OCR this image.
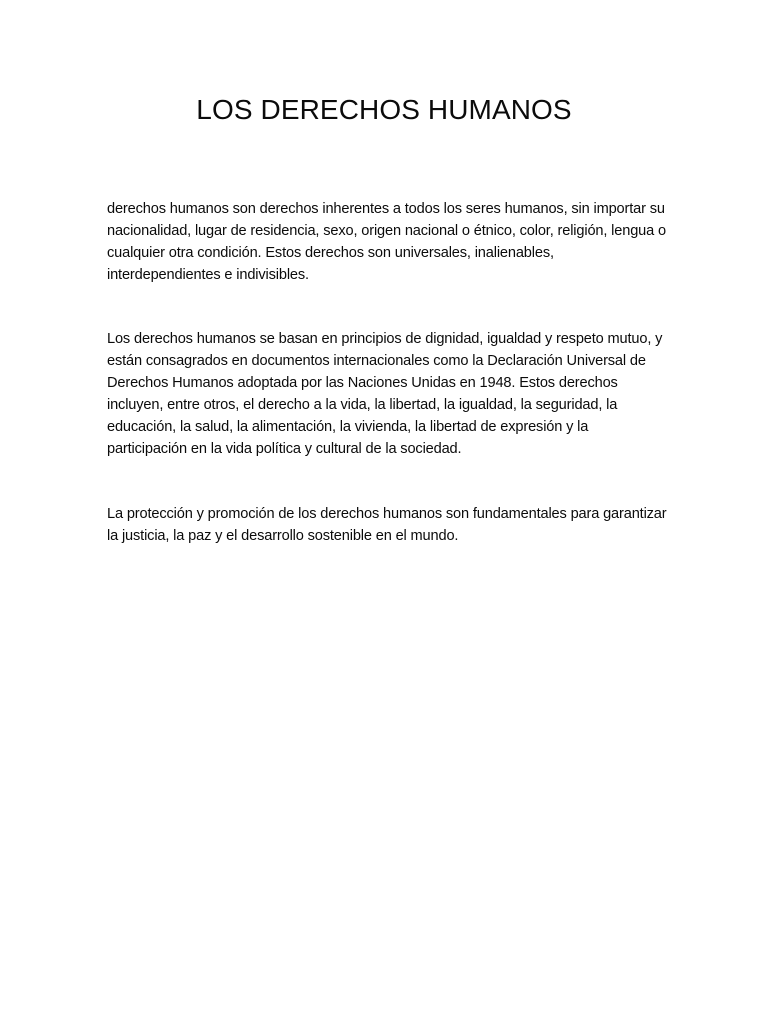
LOS DERECHOS HUMANOS

derechos humanos son derechos inherentes a todos los seres humanos, sin importar su nacionalidad, lugar de residencia, sexo, origen nacional o étnico, color, religión, lengua o cualquier otra condición. Estos derechos son universales, inalienables, interdependientes e indivisibles.

Los derechos humanos se basan en principios de dignidad, igualdad y respeto mutuo, y están consagrados en documentos internacionales como la Declaración Universal de Derechos Humanos adoptada por las Naciones Unidas en 1948. Estos derechos incluyen, entre otros, el derecho a la vida, la libertad, la igualdad, la seguridad, la educación, la salud, la alimentación, la vivienda, la libertad de expresión y la participación en la vida política y cultural de la sociedad.

La protección y promoción de los derechos humanos son fundamentales para garantizar la justicia, la paz y el desarrollo sostenible en el mundo.
